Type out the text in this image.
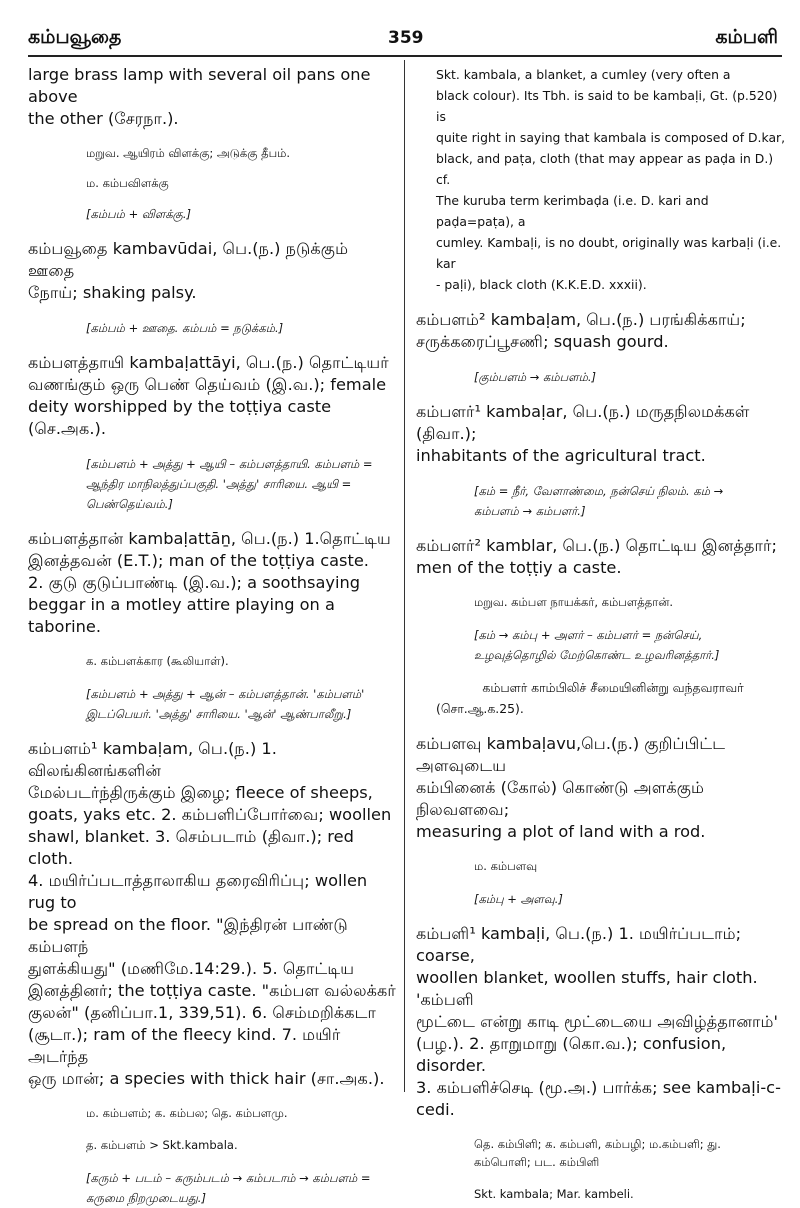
கம்பவூதை	359	கம்பளி

large brass lamp with several oil pans one above

the other (சேரநா.).

மறுவ. ஆயிரம் விளக்கு; அடுக்கு தீபம்.

ம. கம்பவிளக்கு

[கம்பம் + விளக்கு.]

கம்பவூதை kambavūdai, பெ.(ந.) நடுக்கும் ஊதை

நோய்; shaking palsy.

[கம்பம் + ஊதை. கம்பம் = நடுக்கம்.]

கம்பளத்தாயி kambaḷattāyi, பெ.(ந.) தொட்டியர்

வணங்கும் ஒரு பெண் தெய்வம் (இ.வ.); female

deity worshipped by the toṭṭiya caste (செ.அக.).

[கம்பளம் + அத்து + ஆயி – கம்பளத்தாயி. கம்பளம் =

ஆந்திர மாநிலத்துப்பகுதி. 'அத்து' சாரியை. ஆயி =

பெண்தெய்வம்.]

கம்பளத்தான் kambaḷattāṉ, பெ.(ந.) 1.தொட்டிய

இனத்தவன் (E.T.); man of the toṭṭiya caste.

2. குடு குடுப்பாண்டி (இ.வ.); a soothsaying

beggar in a motley attire playing on a taborine.

க. கம்பளக்கார (கூலியாள்).

[கம்பளம் + அத்து + ஆன் – கம்பளத்தான். 'கம்பளம்'

இடப்பெயர். 'அத்து' சாரியை. 'ஆன்' ஆண்பாலீறு.]

கம்பளம்¹ kambaḷam, பெ.(ந.) 1. விலங்கினங்களின்

மேல்படர்ந்திருக்கும் இழை; fleece of sheeps,

goats, yaks etc. 2. கம்பளிப்போர்வை; woollen

shawl, blanket. 3. செம்படாம் (திவா.); red cloth.

4. மயிர்ப்படாத்தாலாகிய தரைவிரிப்பு; wollen rug to

be spread on the floor. "இந்திரன் பாண்டு கம்பளந்

துளக்கியது" (மணிமே.14:29.). 5. தொட்டிய

இனத்தினர்; the toṭṭiya caste. "கம்பள வல்லக்கர்

குலன்" (தனிப்பா.1, 339,51). 6. செம்மறிக்கடா

(சூடா.); ram of the fleecy kind. 7. மயிர் அடர்ந்த

ஒரு மான்; a species with thick hair (சா.அக.).

ம. கம்பளம்; க. கம்பல; தெ. கம்பளமு.

த. கம்பளம் > Skt.kambala.

[கரும் + படம் – கரும்படம் → கம்படாம் → கம்பளம் =

கருமை நிறமுடையது.]

Skt. kambala, a blanket, a cumley (very often a

black colour). Its Tbh. is said to be kambaḷi, Gt. (p.520) is

quite right in saying that kambala is composed of D.kar,

black, and paṭa, cloth (that may appear as paḍa in D.) cf.

The kuruba term kerimbaḍa (i.e. D. kari and paḍa=paṭa), a

cumley. Kambaḷi, is no doubt, originally was karbaḷi (i.e. kar

- paḷi), black cloth (K.K.E.D. xxxii).

கம்பளம்² kambaḷam, பெ.(ந.) பரங்கிக்காய்;

சருக்கரைப்பூசணி; squash gourd.

[கும்பளம் → கம்பளம்.]

கம்பளர்¹ kambaḷar, பெ.(ந.) மருதநிலமக்கள் (திவா.);

inhabitants of the agricultural tract.

[கம் = நீர், வேளாண்மை, நன்செய் நிலம். கம் →

கம்பளம் → கம்பளர்.]

கம்பளர்² kamblar, பெ.(ந.) தொட்டிய இனத்தார்;

men of the toṭṭiy a caste.

மறுவ. கம்பள நாயக்கர், கம்பளத்தான்.

[கம் → கம்பு + அளர் – கம்பளர் = நன்செய்,

உழவுத்தொழில் மேற்கொண்ட உழவரினத்தார்.]

கம்பளர் காம்பிலிச் சீமையினின்று வந்தவராவர்

(சொ.ஆ.க.25).

கம்பளவு kambaḷavu,பெ.(ந.) குறிப்பிட்ட அளவுடைய

கம்பினைக் (கோல்) கொண்டு அளக்கும் நிலவளவை;

measuring a plot of land with a rod.

ம. கம்பளவு

[கம்பு + அளவு.]

கம்பளி¹ kambaḷi, பெ.(ந.) 1. மயிர்ப்படாம்; coarse,

woollen blanket, woollen stuffs, hair cloth. 'கம்பளி

மூட்டை என்று காடி மூட்டையை அவிழ்த்தானாம்'

(பழ.). 2. தாறுமாறு (கொ.வ.); confusion, disorder.

3. கம்பளிச்செடி (மூ.அ.) பார்க்க; see kambaḷi-c-

cedi.

தெ. கம்பிளி; க. கம்பளி, கம்பழி; ம.கம்பளி; து.

கம்பொளி; பட. கம்பிளி

Skt. kambala; Mar. kambeli.
